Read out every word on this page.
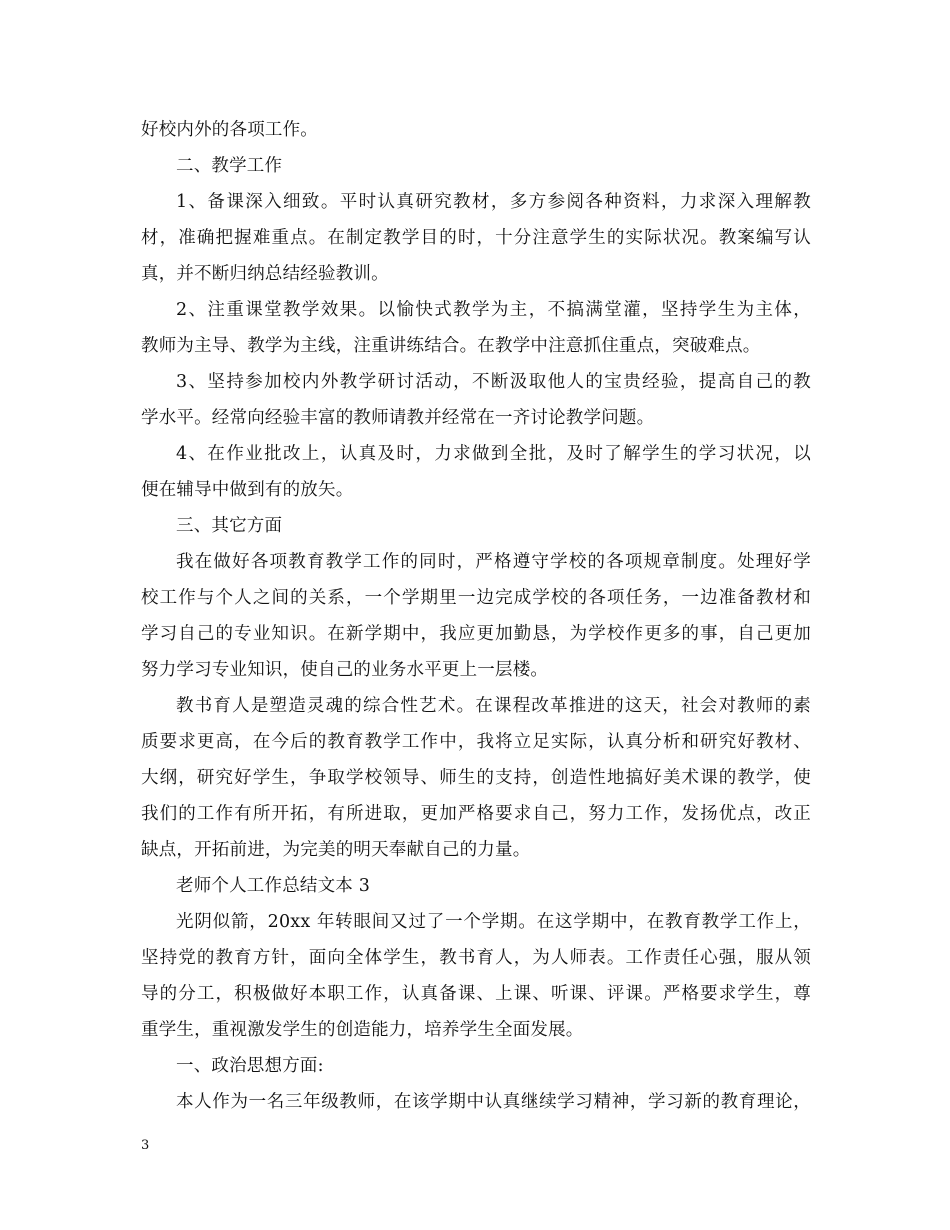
好校内外的各项工作。
二、教学工作
1、备课深入细致。平时认真研究教材，多方参阅各种资料，力求深入理解教
材，准确把握难重点。在制定教学目的时，十分注意学生的实际状况。教案编写认
真，并不断归纳总结经验教训。
2、注重课堂教学效果。以愉快式教学为主，不搞满堂灌，坚持学生为主体，
教师为主导、教学为主线，注重讲练结合。在教学中注意抓住重点，突破难点。
3、坚持参加校内外教学研讨活动，不断汲取他人的宝贵经验，提高自己的教
学水平。经常向经验丰富的教师请教并经常在一齐讨论教学问题。
4、在作业批改上，认真及时，力求做到全批，及时了解学生的学习状况，以
便在辅导中做到有的放矢。
三、其它方面
我在做好各项教育教学工作的同时，严格遵守学校的各项规章制度。处理好学
校工作与个人之间的关系，一个学期里一边完成学校的各项任务，一边准备教材和
学习自己的专业知识。在新学期中，我应更加勤恳，为学校作更多的事，自己更加
努力学习专业知识，使自己的业务水平更上一层楼。
教书育人是塑造灵魂的综合性艺术。在课程改革推进的这天，社会对教师的素
质要求更高，在今后的教育教学工作中，我将立足实际，认真分析和研究好教材、
大纲，研究好学生，争取学校领导、师生的支持，创造性地搞好美术课的教学，使
我们的工作有所开拓，有所进取，更加严格要求自己，努力工作，发扬优点，改正
缺点，开拓前进，为完美的明天奉献自己的力量。
老师个人工作总结文本 3
光阴似箭，20xx 年转眼间又过了一个学期。在这学期中，在教育教学工作上，
坚持党的教育方针，面向全体学生，教书育人，为人师表。工作责任心强，服从领
导的分工，积极做好本职工作，认真备课、上课、听课、评课。严格要求学生，尊
重学生，重视激发学生的创造能力，培养学生全面发展。
一、政治思想方面:
本人作为一名三年级教师，在该学期中认真继续学习精神，学习新的教育理论，
3
